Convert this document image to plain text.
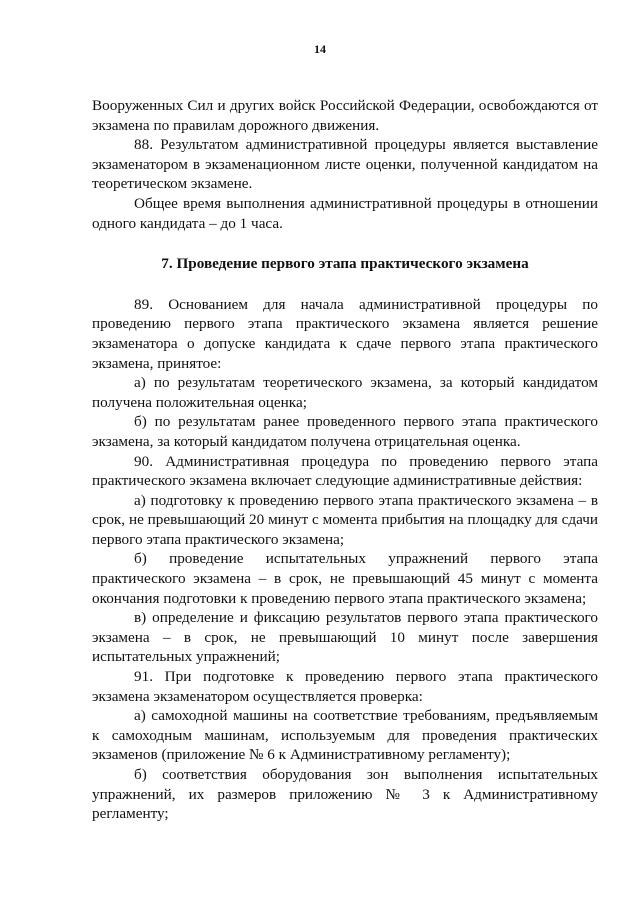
14

Вооруженных Сил и других войск Российской Федерации, освобождаются от экзамена по правилам дорожного движения.

88. Результатом административной процедуры является выставление экзаменатором в экзаменационном листе оценки, полученной кандидатом на теоретическом экзамене.

Общее время выполнения административной процедуры в отношении одного кандидата – до 1 часа.

7. Проведение первого этапа практического экзамена

89. Основанием для начала административной процедуры по проведению первого этапа практического экзамена является решение экзаменатора о допуске кандидата к сдаче первого этапа практического экзамена, принятое:

а) по результатам теоретического экзамена, за который кандидатом получена положительная оценка;

б) по результатам ранее проведенного первого этапа практического экзамена, за который кандидатом получена отрицательная оценка.

90. Административная процедура по проведению первого этапа практического экзамена включает следующие административные действия:

а) подготовку к проведению первого этапа практического экзамена – в срок, не превышающий 20 минут с момента прибытия на площадку для сдачи первого этапа практического экзамена;

б) проведение испытательных упражнений первого этапа практического экзамена – в срок, не превышающий 45 минут с момента окончания подготовки к проведению первого этапа практического экзамена;

в) определение и фиксацию результатов первого этапа практического экзамена – в срок, не превышающий 10 минут после завершения испытательных упражнений;

91. При подготовке к проведению первого этапа практического экзамена экзаменатором осуществляется проверка:

а) самоходной машины на соответствие требованиям, предъявляемым к самоходным машинам, используемым для проведения практических экзаменов (приложение № 6 к Административному регламенту);

б) соответствия оборудования зон выполнения испытательных упражнений, их размеров приложению № 3 к Административному регламенту;
